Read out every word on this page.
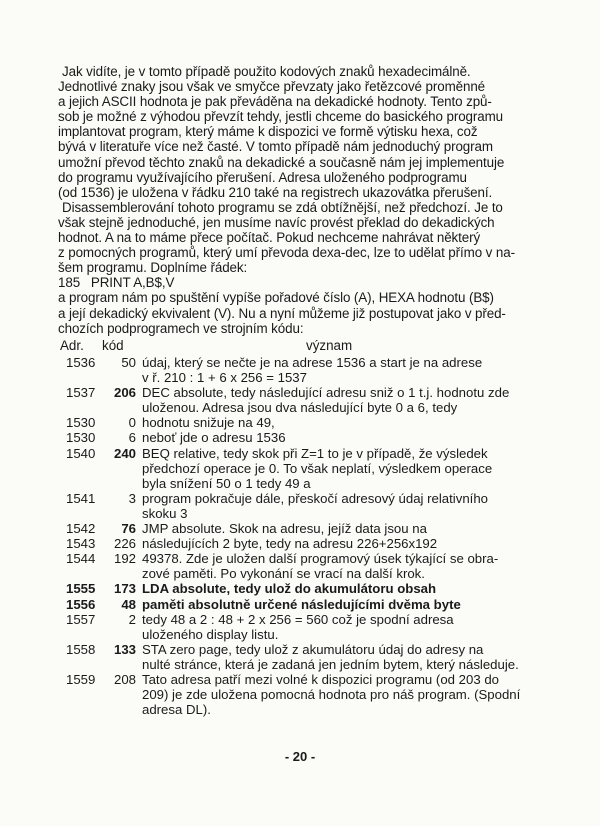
Jak vidíte, je v tomto případě použito kodových znaků hexadecimálně.
Jednotlivé znaky jsou však ve smyčce převzaty jako řetězcové proměnné
a jejich ASCII hodnota je pak převáděna na dekadické hodnoty. Tento způ-
sob je možné z výhodou převzít tehdy, jestli chceme do basického programu
implantovat program, který máme k dispozici ve formě výtisku hexa, což
bývá v literatuře více než časté. V tomto případě nám jednoduchý program
umožní převod těchto znaků na dekadické a současně nám jej implementuje
do programu využívajícího přerušení. Adresa uloženého podprogramu
(od 1536) je uložena v řádku 210 také na registrech ukazovátka přerušení.

Disassemblerování tohoto programu se zdá obtížnější, než předchozí. Je to
však stejně jednoduché, jen musíme navíc provést překlad do dekadických
hodnot. A na to máme přece počítač. Pokud nechceme nahrávat některý
z pomocných programů, který umí převoda dexa-dec, lze to udělat přímo v na-
šem programu. Doplníme řádek:

185   PRINT A,B$,V

a program nám po spuštění vypíše pořadové číslo (A), HEXA hodnotu (B$)
a její dekadický ekvivalent (V). Nu a nyní můžeme již postupovat jako v před-
chozích podprogramech ve strojním kódu:

Adr. kód	význam
1536	50 údaj, který se nečte je na adrese 1536 a start je na adrese
v ř. 210 : 1 + 6 x 256 = 1537
1537	206 DEC absolute, tedy následující adresu sniž o 1 t.j. hodnotu zde
uloženou. Adresa jsou dva následující byte 0 a 6, tedy
1530	0 hodnotu snižuje na 49,
1530	6 neboť jde o adresu 1536
1540	240 BEQ relative, tedy skok při Z=1 to je v případě, že výsledek
předchozí operace je 0. To však neplatí, výsledkem operace
byla snížení 50 o 1 tedy 49 a
1541	3 program pokračuje dále, přeskočí adresový údaj relativního
skoku 3
1542	76 JMP absolute. Skok na adresu, jejíž data jsou na
1543	226 následujících 2 byte, tedy na adresu 226+256x192
1544	192 49378. Zde je uložen další programový úsek týkající se obra-
zové paměti. Po vykonání se vrací na další krok.
1555	173 LDA absolute, tedy ulož do akumulátoru obsah
1556	48 paměti absolutně určené následujícími dvěma byte
1557	2 tedy 48 a 2 : 48 + 2 x 256 = 560 což je spodní adresa
uloženého display listu.
1558	133 STA zero page, tedy ulož z akumulátoru údaj do adresy na
nulté stránce, která je zadaná jen jedním bytem, který následuje.
1559	208 Tato adresa patří mezi volné k dispozici programu (od 203 do
209) je zde uložena pomocná hodnota pro náš program. (Spodní
adresa DL).
- 20 -
